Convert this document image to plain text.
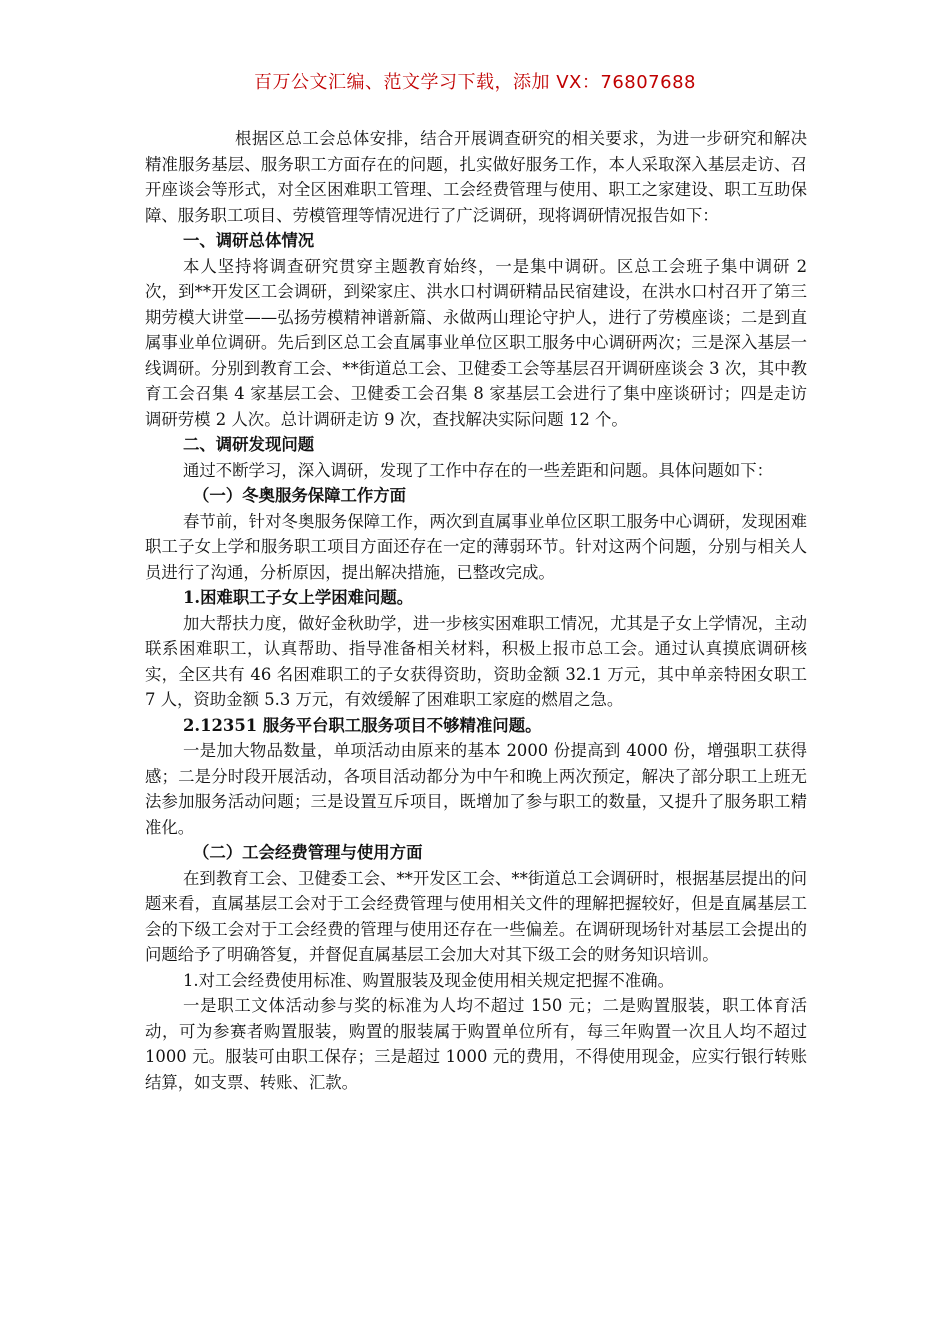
百万公文汇编、范文学习下载，添加 VX：76807688

根据区总工会总体安排，结合开展调查研究的相关要求，为进一步研究和解决精准服务基层、服务职工方面存在的问题，扎实做好服务工作，本人采取深入基层走访、召开座谈会等形式，对全区困难职工管理、工会经费管理与使用、职工之家建设、职工互助保障、服务职工项目、劳模管理等情况进行了广泛调研，现将调研情况报告如下：

一、调研总体情况

本人坚持将调查研究贯穿主题教育始终，一是集中调研。区总工会班子集中调研 2 次，到**开发区工会调研，到梁家庄、洪水口村调研精品民宿建设，在洪水口村召开了第三期劳模大讲堂——弘扬劳模精神谱新篇、永做两山理论守护人，进行了劳模座谈；二是到直属事业单位调研。先后到区总工会直属事业单位区职工服务中心调研两次；三是深入基层一线调研。分别到教育工会、**街道总工会、卫健委工会等基层召开调研座谈会 3 次，其中教育工会召集 4 家基层工会、卫健委工会召集 8 家基层工会进行了集中座谈研讨；四是走访调研劳模 2 人次。总计调研走访 9 次，查找解决实际问题 12 个。

二、调研发现问题

通过不断学习，深入调研，发现了工作中存在的一些差距和问题。具体问题如下：

（一）冬奥服务保障工作方面

春节前，针对冬奥服务保障工作，两次到直属事业单位区职工服务中心调研，发现困难职工子女上学和服务职工项目方面还存在一定的薄弱环节。针对这两个问题，分别与相关人员进行了沟通，分析原因，提出解决措施，已整改完成。

1.困难职工子女上学困难问题。

加大帮扶力度，做好金秋助学，进一步核实困难职工情况，尤其是子女上学情况，主动联系困难职工，认真帮助、指导准备相关材料，积极上报市总工会。通过认真摸底调研核实，全区共有 46 名困难职工的子女获得资助，资助金额 32.1 万元，其中单亲特困女职工 7 人，资助金额 5.3 万元，有效缓解了困难职工家庭的燃眉之急。

2.12351 服务平台职工服务项目不够精准问题。

一是加大物品数量，单项活动由原来的基本 2000 份提高到 4000 份，增强职工获得感；二是分时段开展活动，各项目活动都分为中午和晚上两次预定，解决了部分职工上班无法参加服务活动问题；三是设置互斥项目，既增加了参与职工的数量，又提升了服务职工精准化。

（二）工会经费管理与使用方面

在到教育工会、卫健委工会、**开发区工会、**街道总工会调研时，根据基层提出的问题来看，直属基层工会对于工会经费管理与使用相关文件的理解把握较好，但是直属基层工会的下级工会对于工会经费的管理与使用还存在一些偏差。在调研现场针对基层工会提出的问题给予了明确答复，并督促直属基层工会加大对其下级工会的财务知识培训。

1.对工会经费使用标准、购置服装及现金使用相关规定把握不准确。

一是职工文体活动参与奖的标准为人均不超过 150 元；二是购置服装，职工体育活动，可为参赛者购置服装，购置的服装属于购置单位所有，每三年购置一次且人均不超过 1000 元。服装可由职工保存；三是超过 1000 元的费用，不得使用现金，应实行银行转账结算，如支票、转账、汇款。
